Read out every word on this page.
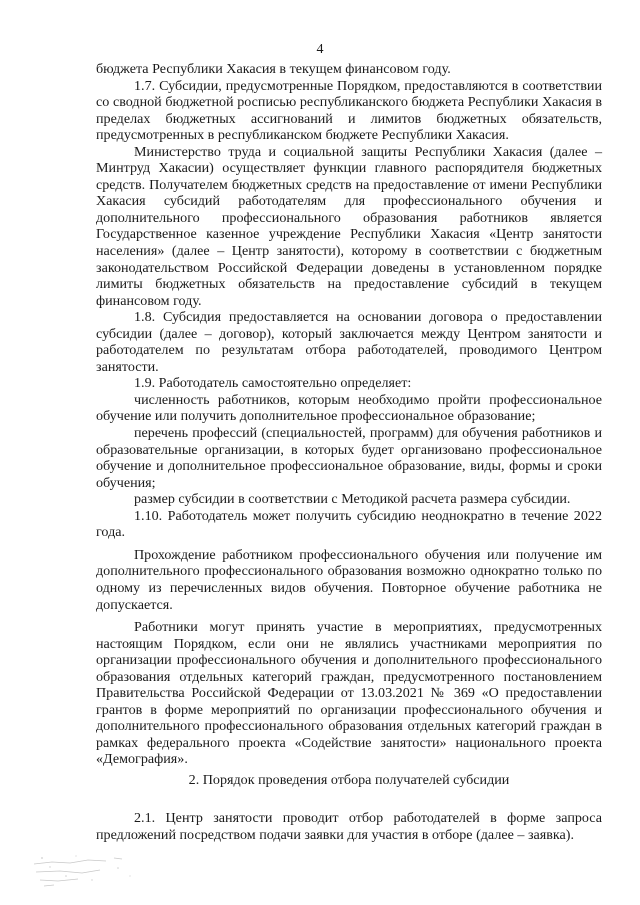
4

бюджета Республики Хакасия в текущем финансовом году.

1.7. Субсидии, предусмотренные Порядком, предоставляются в соответствии со сводной бюджетной росписью республиканского бюджета Республики Хакасия в пределах бюджетных ассигнований и лимитов бюджетных обязательств, предусмотренных в республиканском бюджете Республики Хакасия.

Министерство труда и социальной защиты Республики Хакасия (далее – Минтруд Хакасии) осуществляет функции главного распорядителя бюджетных средств. Получателем бюджетных средств на предоставление от имени Республики Хакасия субсидий работодателям для профессионального обучения и дополнительного профессионального образования работников является Государственное казенное учреждение Республики Хакасия «Центр занятости населения» (далее – Центр занятости), которому в соответствии с бюджетным законодательством Российской Федерации доведены в установленном порядке лимиты бюджетных обязательств на предоставление субсидий в текущем финансовом году.

1.8. Субсидия предоставляется на основании договора о предоставлении субсидии (далее – договор), который заключается между Центром занятости и работодателем по результатам отбора работодателей, проводимого Центром занятости.

1.9. Работодатель самостоятельно определяет:

численность работников, которым необходимо пройти профессиональное обучение или получить дополнительное профессиональное образование;

перечень профессий (специальностей, программ) для обучения работников и образовательные организации, в которых будет организовано профессиональное обучение и дополнительное профессиональное образование, виды, формы и сроки обучения;

размер субсидии в соответствии с Методикой расчета размера субсидии.

1.10. Работодатель может получить субсидию неоднократно в течение 2022 года.

Прохождение работником профессионального обучения или получение им дополнительного профессионального образования возможно однократно только по одному из перечисленных видов обучения. Повторное обучение работника не допускается.

Работники могут принять участие в мероприятиях, предусмотренных настоящим Порядком, если они не являлись участниками мероприятия по организации профессионального обучения и дополнительного профессионального образования отдельных категорий граждан, предусмотренного постановлением Правительства Российской Федерации от 13.03.2021 № 369 «О предоставлении грантов в форме мероприятий по организации профессионального обучения и дополнительного профессионального образования отдельных категорий граждан в рамках федерального проекта «Содействие занятости» национального проекта «Демография».

2. Порядок проведения отбора получателей субсидии

2.1. Центр занятости проводит отбор работодателей в форме запроса предложений посредством подачи заявки для участия в отборе (далее – заявка).
